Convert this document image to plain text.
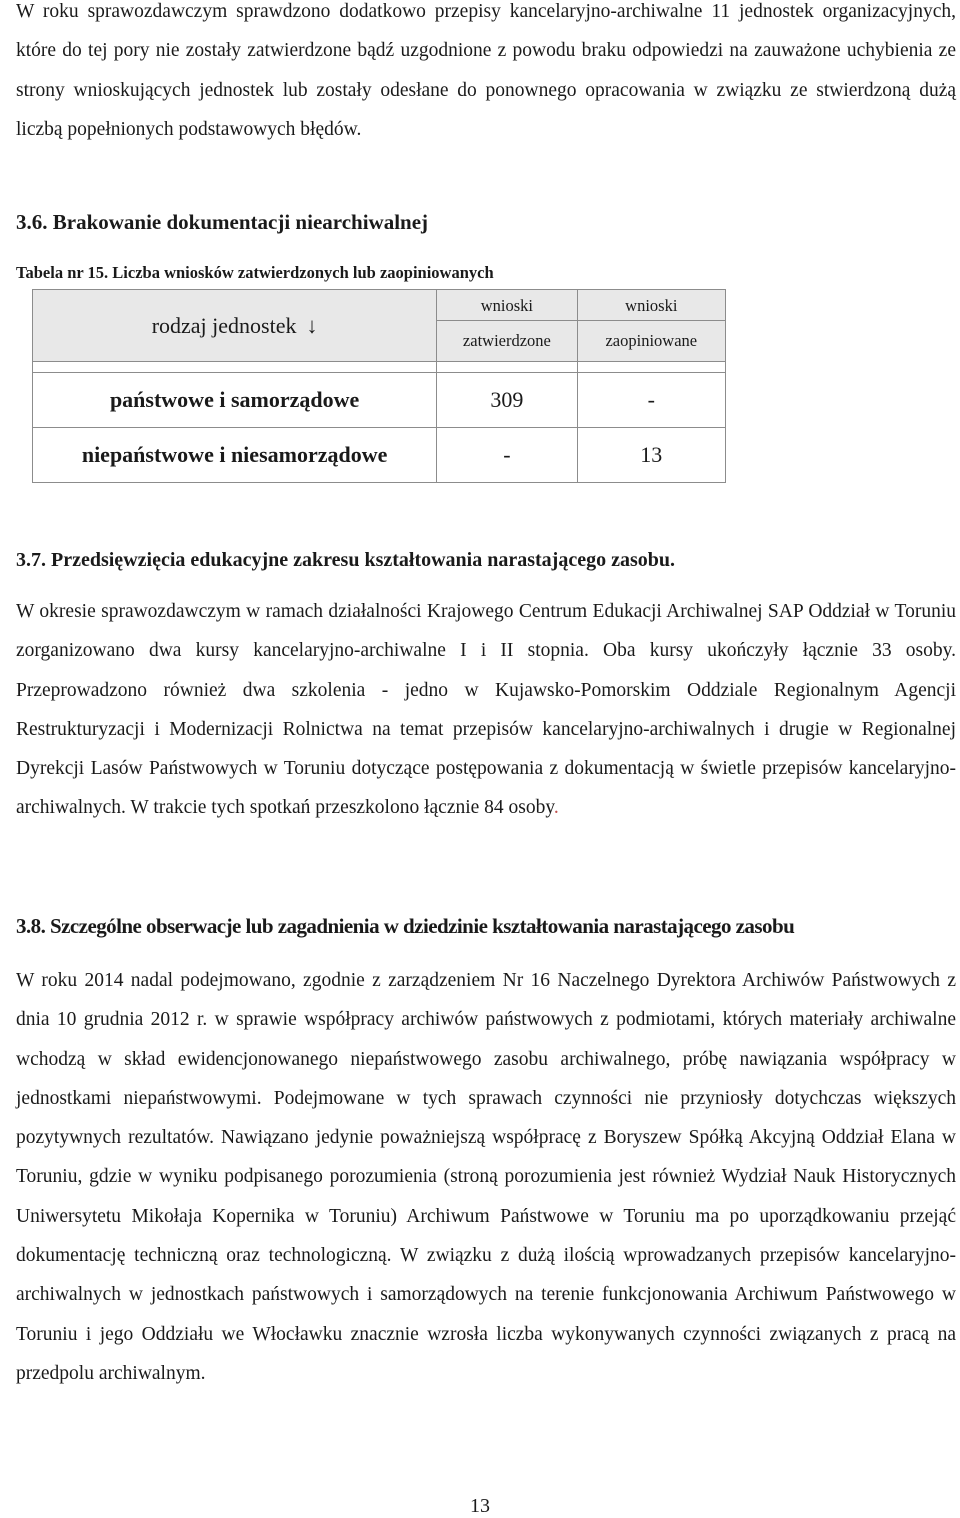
W roku sprawozdawczym sprawdzono dodatkowo przepisy kancelaryjno-archiwalne 11 jednostek organizacyjnych, które do tej pory nie zostały zatwierdzone bądź uzgodnione z powodu braku odpowiedzi na zauważone uchybienia ze strony wnioskujących jednostek lub zostały odesłane do ponownego opracowania w związku ze stwierdzoną dużą liczbą popełnionych podstawowych błędów.

3.6. Brakowanie dokumentacji niearchiwalnej

Tabela nr 15. Liczba wniosków zatwierdzonych lub zaopiniowanych

rodzaj jednostek ↓	wnioski	wnioski
	zatwierdzone	zaopiniowane

państwowe i samorządowe	309	-
niepaństwowe i niesamorządowe	-	13
3.7. Przedsięwzięcia edukacyjne zakresu kształtowania narastającego zasobu.

W okresie sprawozdawczym w ramach działalności Krajowego Centrum Edukacji Archiwalnej SAP Oddział w Toruniu zorganizowano dwa kursy kancelaryjno-archiwalne I i II stopnia. Oba kursy ukończyły łącznie 33 osoby. Przeprowadzono również dwa szkolenia - jedno w Kujawsko-Pomorskim Oddziale Regionalnym Agencji Restrukturyzacji i Modernizacji Rolnictwa na temat przepisów kancelaryjno-archiwalnych i drugie w Regionalnej Dyrekcji Lasów Państwowych w Toruniu dotyczące postępowania z dokumentacją w świetle przepisów kancelaryjno-archiwalnych. W trakcie tych spotkań przeszkolono łącznie 84 osoby.

3.8. Szczególne obserwacje lub zagadnienia w dziedzinie kształtowania narastającego zasobu

W roku 2014 nadal podejmowano, zgodnie z zarządzeniem Nr 16 Naczelnego Dyrektora Archiwów Państwowych z dnia 10 grudnia 2012 r. w sprawie współpracy archiwów państwowych z podmiotami, których materiały archiwalne wchodzą w skład ewidencjonowanego niepaństwowego zasobu archiwalnego, próbę nawiązania współpracy w jednostkami niepaństwowymi. Podejmowane w tych sprawach czynności nie przyniosły dotychczas większych pozytywnych rezultatów. Nawiązano jedynie poważniejszą współpracę z Boryszew Spółką Akcyjną Oddział Elana w Toruniu, gdzie w wyniku podpisanego porozumienia (stroną porozumienia jest również Wydział Nauk Historycznych Uniwersytetu Mikołaja Kopernika w Toruniu) Archiwum Państwowe w Toruniu ma po uporządkowaniu przejąć dokumentację techniczną oraz technologiczną. W związku z dużą ilością wprowadzanych przepisów kancelaryjno-archiwalnych w jednostkach państwowych i samorządowych na terenie funkcjonowania Archiwum Państwowego w Toruniu i jego Oddziału we Włocławku znacznie wzrosła liczba wykonywanych czynności związanych z pracą na przedpolu archiwalnym.

13
